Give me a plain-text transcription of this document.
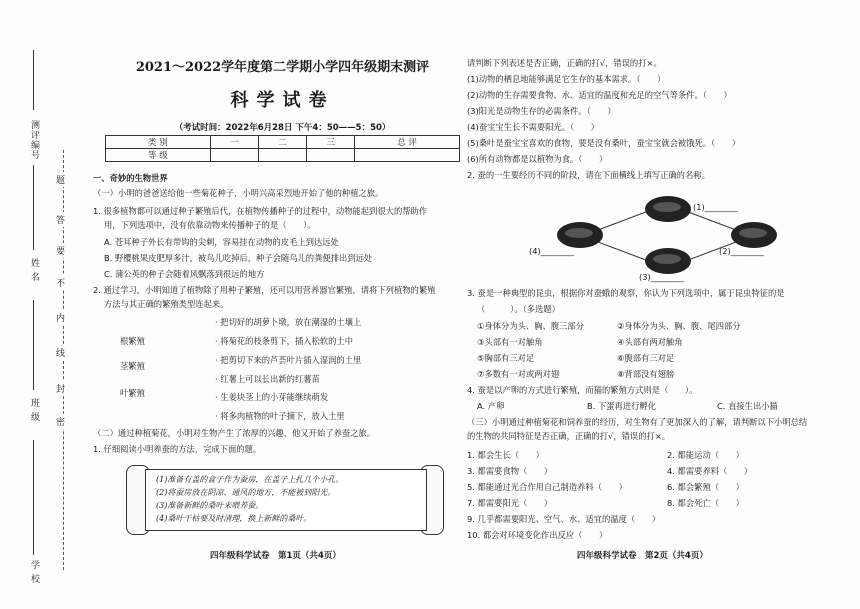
测评编号
姓 名
班 级
学 校
题
答
要
不
内
线
封
密
2021～2022学年度第二学期小学四年级期末测评
科学试卷
（考试时间：2022年6月28日 下午4：50——5：50）
类 别	一	二	三	总 评
等 级				
一、奇妙的生物世界
（一）小明的爸爸送给他一些菊花种子，小明兴高采烈地开始了他的种植之旅。
1. 很多植物都可以通过种子繁殖后代，在植物传播种子的过程中，动物能起到很大的帮助作
用，下列选项中，没有依靠动物来传播种子的是（　　）。
A. 苍耳种子外长有带钩的尖刺，容易挂在动物的皮毛上到达远处
B. 野樱桃果皮肥厚多汁，被鸟儿吃掉后，种子会随鸟儿的粪便排出到远处
C. 蒲公英的种子会随着风飘落到很远的地方
2. 通过学习，小明知道了植物除了用种子繁殖，还可以用营养器官繁殖，请将下列植物的繁殖
方法与其正确的繁殖类型连起来。
根繁殖
茎繁殖
叶繁殖
· 把切好的胡萝卜墩，放在潮湿的土壤上
· 将菊花的枝条剪下，插入松软的土中
· 把剪切下来的芦荟叶片插入湿润的土里
· 红薯上可以长出新的红薯苗
· 生姜块茎上的小芽能继续萌发
· 将多肉植物的叶子摘下，放入土里
（二）通过种植菊花，小明对生物产生了浓厚的兴趣，他又开始了养蚕之旅。
1. 仔细阅读小明养蚕的方法，完成下面的题。
(1)准备有盖的盒子作为蚕房，在盖子上扎几个小孔。
(2)将蚕房放在阴凉、通风的地方，不能被到阳光。
(3)准备新鲜的桑叶来喂养蚕。
(4)桑叶干枯要及时清理，换上新鲜的桑叶。
四年级科学试卷　第1页（共4页）
请判断下列表述是否正确，正确的打√，错误的打×。
(1)动物的栖息地能够满足它生存的基本需求。（　　）
(2)动物的生存需要食物、水、适宜的温度和充足的空气等条件。（　　）
(3)阳光是动物生存的必需条件。（　　）
(4)蚕宝宝生长不需要阳光。（　　）
(5)桑叶是蚕宝宝喜欢的食物，要是没有桑叶，蚕宝宝就会被饿死。（　　）
(6)所有动物都是以植物为食。（　　）
2. 蚕的一生要经历不同的阶段，请在下面横线上填写正确的名称。
(1)________
(2)________
(3)________
(4)________
3. 蚕是一种典型的昆虫，根据你对蚕蛾的观察，你认为下列选项中，属于昆虫特征的是
（　　　）。（多选题）
①身体分为头、胸、腹三部分
③头部有一对触角
⑤胸部有三对足
⑦多数有一对或两对翅
②身体分为头、胸、腹、尾四部分
④头部有两对触角
⑥腹部有三对足
⑧背部没有翅膀
4. 蚕是以产卵的方式进行繁殖，而猫的繁殖方式则是（　　）。
A. 产卵	B. 下蛋再进行孵化	C. 直接生出小猫
（三）小明通过种植菊花和饲养蚕的经历，对生物有了更加深入的了解，请判断以下小明总结
的生物的共同特征是否正确，正确的打√，错误的打×。
1. 都会生长（　　）
3. 都需要食物（　　）
5. 都能通过光合作用自己制造养料（　　）
7. 都需要阳光（　　）
2. 都能运动（　　）
4. 都需要养料（　　）
6. 都会繁殖（　　）
8. 都会死亡（　　）
9. 几乎都需要阳光、空气、水、适宜的温度（　　）
10. 都会对环境变化作出反应（　　）
四年级科学试卷　第2页（共4页）
